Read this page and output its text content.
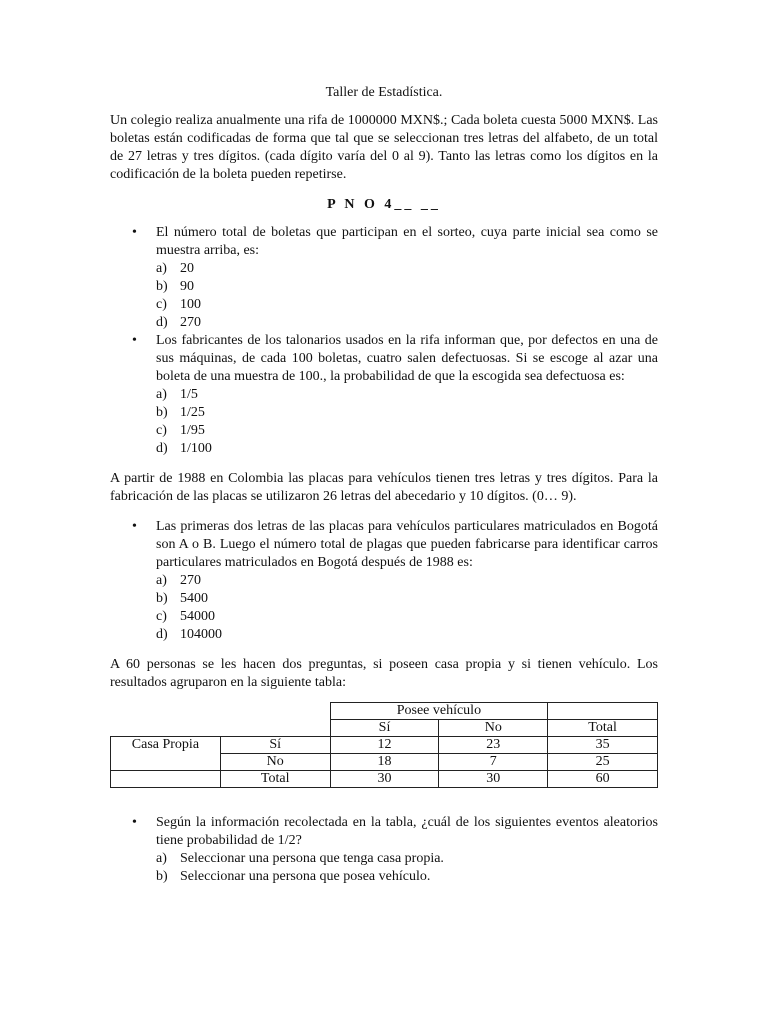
Taller de Estadística.

Un colegio realiza anualmente una rifa de 1000000 MXN$.; Cada boleta cuesta 5000 MXN$. Las boletas están codificadas de forma que tal que se seleccionan tres letras del alfabeto, de un total de 27 letras y tres dígitos. (cada dígito varía del 0 al 9). Tanto las letras como los dígitos en la codificación de la boleta pueden repetirse.

P N O 4__ __

• El número total de boletas que participan en el sorteo, cuya parte inicial sea como se muestra arriba, es:
a) 20
b) 90
c) 100
d) 270
• Los fabricantes de los talonarios usados en la rifa informan que, por defectos en una de sus máquinas, de cada 100 boletas, cuatro salen defectuosas. Si se escoge al azar una boleta de una muestra de 100., la probabilidad de que la escogida sea defectuosa es:
a) 1/5
b) 1/25
c) 1/95
d) 1/100

A partir de 1988 en Colombia las placas para vehículos tienen tres letras y tres dígitos. Para la fabricación de las placas se utilizaron 26 letras del abecedario y 10 dígitos. (0… 9).

• Las primeras dos letras de las placas para vehículos particulares matriculados en Bogotá son A o B. Luego el número total de plagas que pueden fabricarse para identificar carros particulares matriculados en Bogotá después de 1988 es:
a) 270
b) 5400
c) 54000
d) 104000

A 60 personas se les hacen dos preguntas, si poseen casa propia y si tienen vehículo. Los resultados agruparon en la siguiente tabla:

		Posee vehículo		
		Sí	No	Total
Casa Propia	Sí	12	23	35
	No	18	7	25
	Total	30	30	60
• Según la información recolectada en la tabla, ¿cuál de los siguientes eventos aleatorios tiene probabilidad de 1/2?
a) Seleccionar una persona que tenga casa propia.
b) Seleccionar una persona que posea vehículo.
